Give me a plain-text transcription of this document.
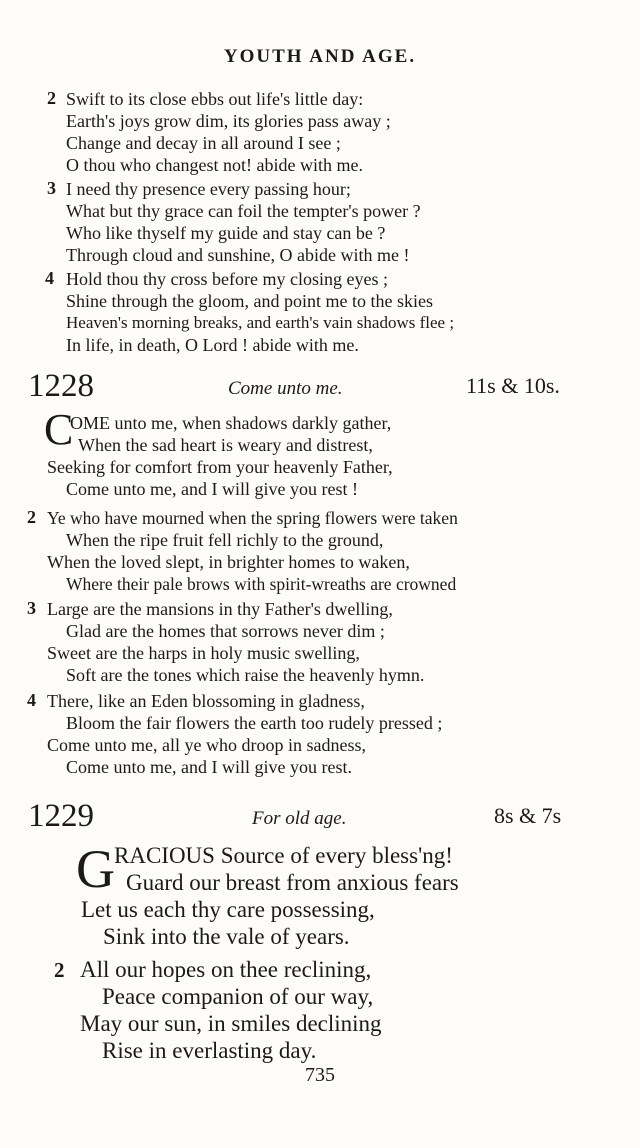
YOUTH AND AGE.
2 Swift to its close ebbs out life's little day:
Earth's joys grow dim, its glories pass away ;
Change and decay in all around I see ;
O thou who changest not! abide with me.
3 I need thy presence every passing hour;
What but thy grace can foil the tempter's power ?
Who like thyself my guide and stay can be ?
Through cloud and sunshine, O abide with me !
4 Hold thou thy cross before my closing eyes ;
Shine through the gloom, and point me to the skies
Heaven's morning breaks, and earth's vain shadows flee ;
In life, in death, O Lord ! abide with me.
1228	Come unto me.	11s & 10s.
C
OME unto me, when shadows darkly gather,
When the sad heart is weary and distrest,
Seeking for comfort from your heavenly Father,
Come unto me, and I will give you rest !
2 Ye who have mourned when the spring flowers were taken
When the ripe fruit fell richly to the ground,
When the loved slept, in brighter homes to waken,
Where their pale brows with spirit-wreaths are crowned
3 Large are the mansions in thy Father's dwelling,
Glad are the homes that sorrows never dim ;
Sweet are the harps in holy music swelling,
Soft are the tones which raise the heavenly hymn.
4 There, like an Eden blossoming in gladness,
Bloom the fair flowers the earth too rudely pressed ;
Come unto me, all ye who droop in sadness,
Come unto me, and I will give you rest.
1229	For old age.	8s & 7s
G RACIOUS Source of every bless'ng!
Guard our breast from anxious fears
Let us each thy care possessing,
Sink into the vale of years.
2 All our hopes on thee reclining,
Peace companion of our way,
May our sun, in smiles declining
Rise in everlasting day.
735
